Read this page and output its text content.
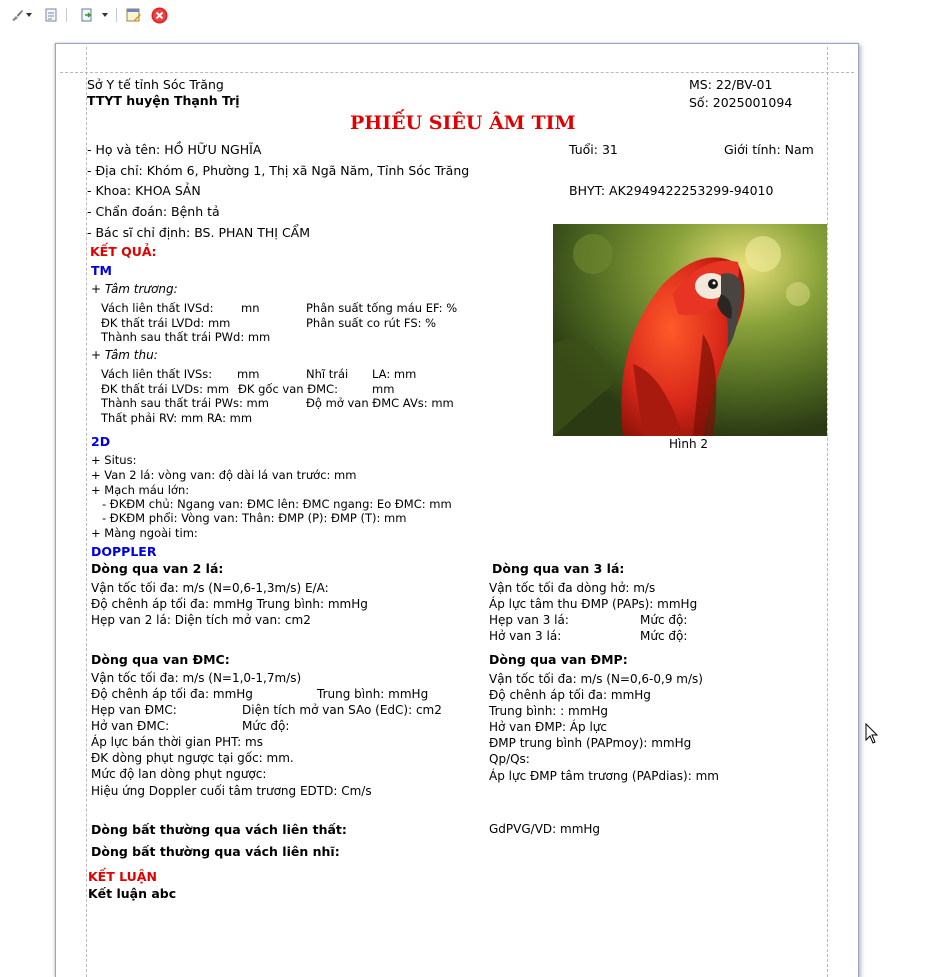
Sở Y tế tỉnh Sóc Trăng
TTYT huyện Thạnh Trị
MS: 22/BV-01
Số: 2025001094
PHIẾU SIÊU ÂM TIM
- Họ và tên: HỒ HỮU NGHĨA	Tuổi: 31	Giới tính: Nam
- Địa chỉ: Khóm 6, Phường 1, Thị xã Ngã Năm, Tỉnh Sóc Trăng
- Khoa: KHOA SẢN	BHYT: AK2949422253299-94010
- Chẩn đoán: Bệnh tả
- Bác sĩ chỉ định: BS. PHAN THỊ CẨM
Hình 2
KẾT QUẢ:
TM
+ Tâm trương:
Vách liên thất IVSd: mn	Phân suất tống máu EF: %
ĐK thất trái LVDd: mm	Phân suất co rút FS: %
Thành sau thất trái PWd: mm
+ Tâm thu:
Vách liên thất IVSs: mm	Nhĩ trái LA: mm
ĐK thất trái LVDs: mm ĐK gốc van ĐMC:	mm
Thành sau thất trái PWs: mm	Độ mở van ĐMC AVs: mm
Thất phải RV: mm RA: mm
2D
+ Situs:
+ Van 2 lá: vòng van: độ dài lá van trước: mm
+ Mạch máu lớn:
- ĐKĐM chủ: Ngang van: ĐMC lên: ĐMC ngang: Eo ĐMC: mm
- ĐKĐM phổi: Vòng van: Thân: ĐMP (P): ĐMP (T): mm
+ Màng ngoài tim:
DOPPLER
Dòng qua van 2 lá:
Vận tốc tối đa: m/s (N=0,6-1,3m/s) E/A:
Độ chênh áp tối đa: mmHg Trung bình: mmHg
Hẹp van 2 lá: Diện tích mở van: cm2
Dòng qua van 3 lá:
Vận tốc tối đa dòng hở: m/s
Áp lực tâm thu ĐMP (PAPs): mmHg
Hẹp van 3 lá:	Mức độ:
Hở van 3 lá:	Mức độ:
Dòng qua van ĐMC:
Vận tốc tối đa: m/s (N=1,0-1,7m/s)
Độ chênh áp tối đa: mmHg	Trung bình: mmHg
Hẹp van ĐMC:	Diện tích mở van SAo (EdC): cm2
Hở van ĐMC:	Mức độ:
Áp lực bán thời gian PHT: ms
ĐK dòng phụt ngược tại gốc: mm.
Mức độ lan dòng phụt ngược:
Hiệu ứng Doppler cuối tâm trương EDTD: Cm/s
Dòng qua van ĐMP:
Vận tốc tối đa: m/s (N=0,6-0,9 m/s)
Độ chênh áp tối đa: mmHg
Trung bình: : mmHg
Hở van ĐMP: Áp lực
ĐMP trung bình (PAPmoy): mmHg
Qp/Qs:
Áp lực ĐMP tâm trương (PAPdias): mm
Dòng bất thường qua vách liên thất:	GdPVG/VD: mmHg
Dòng bất thường qua vách liên nhĩ:
KẾT LUẬN
Kết luận abc
